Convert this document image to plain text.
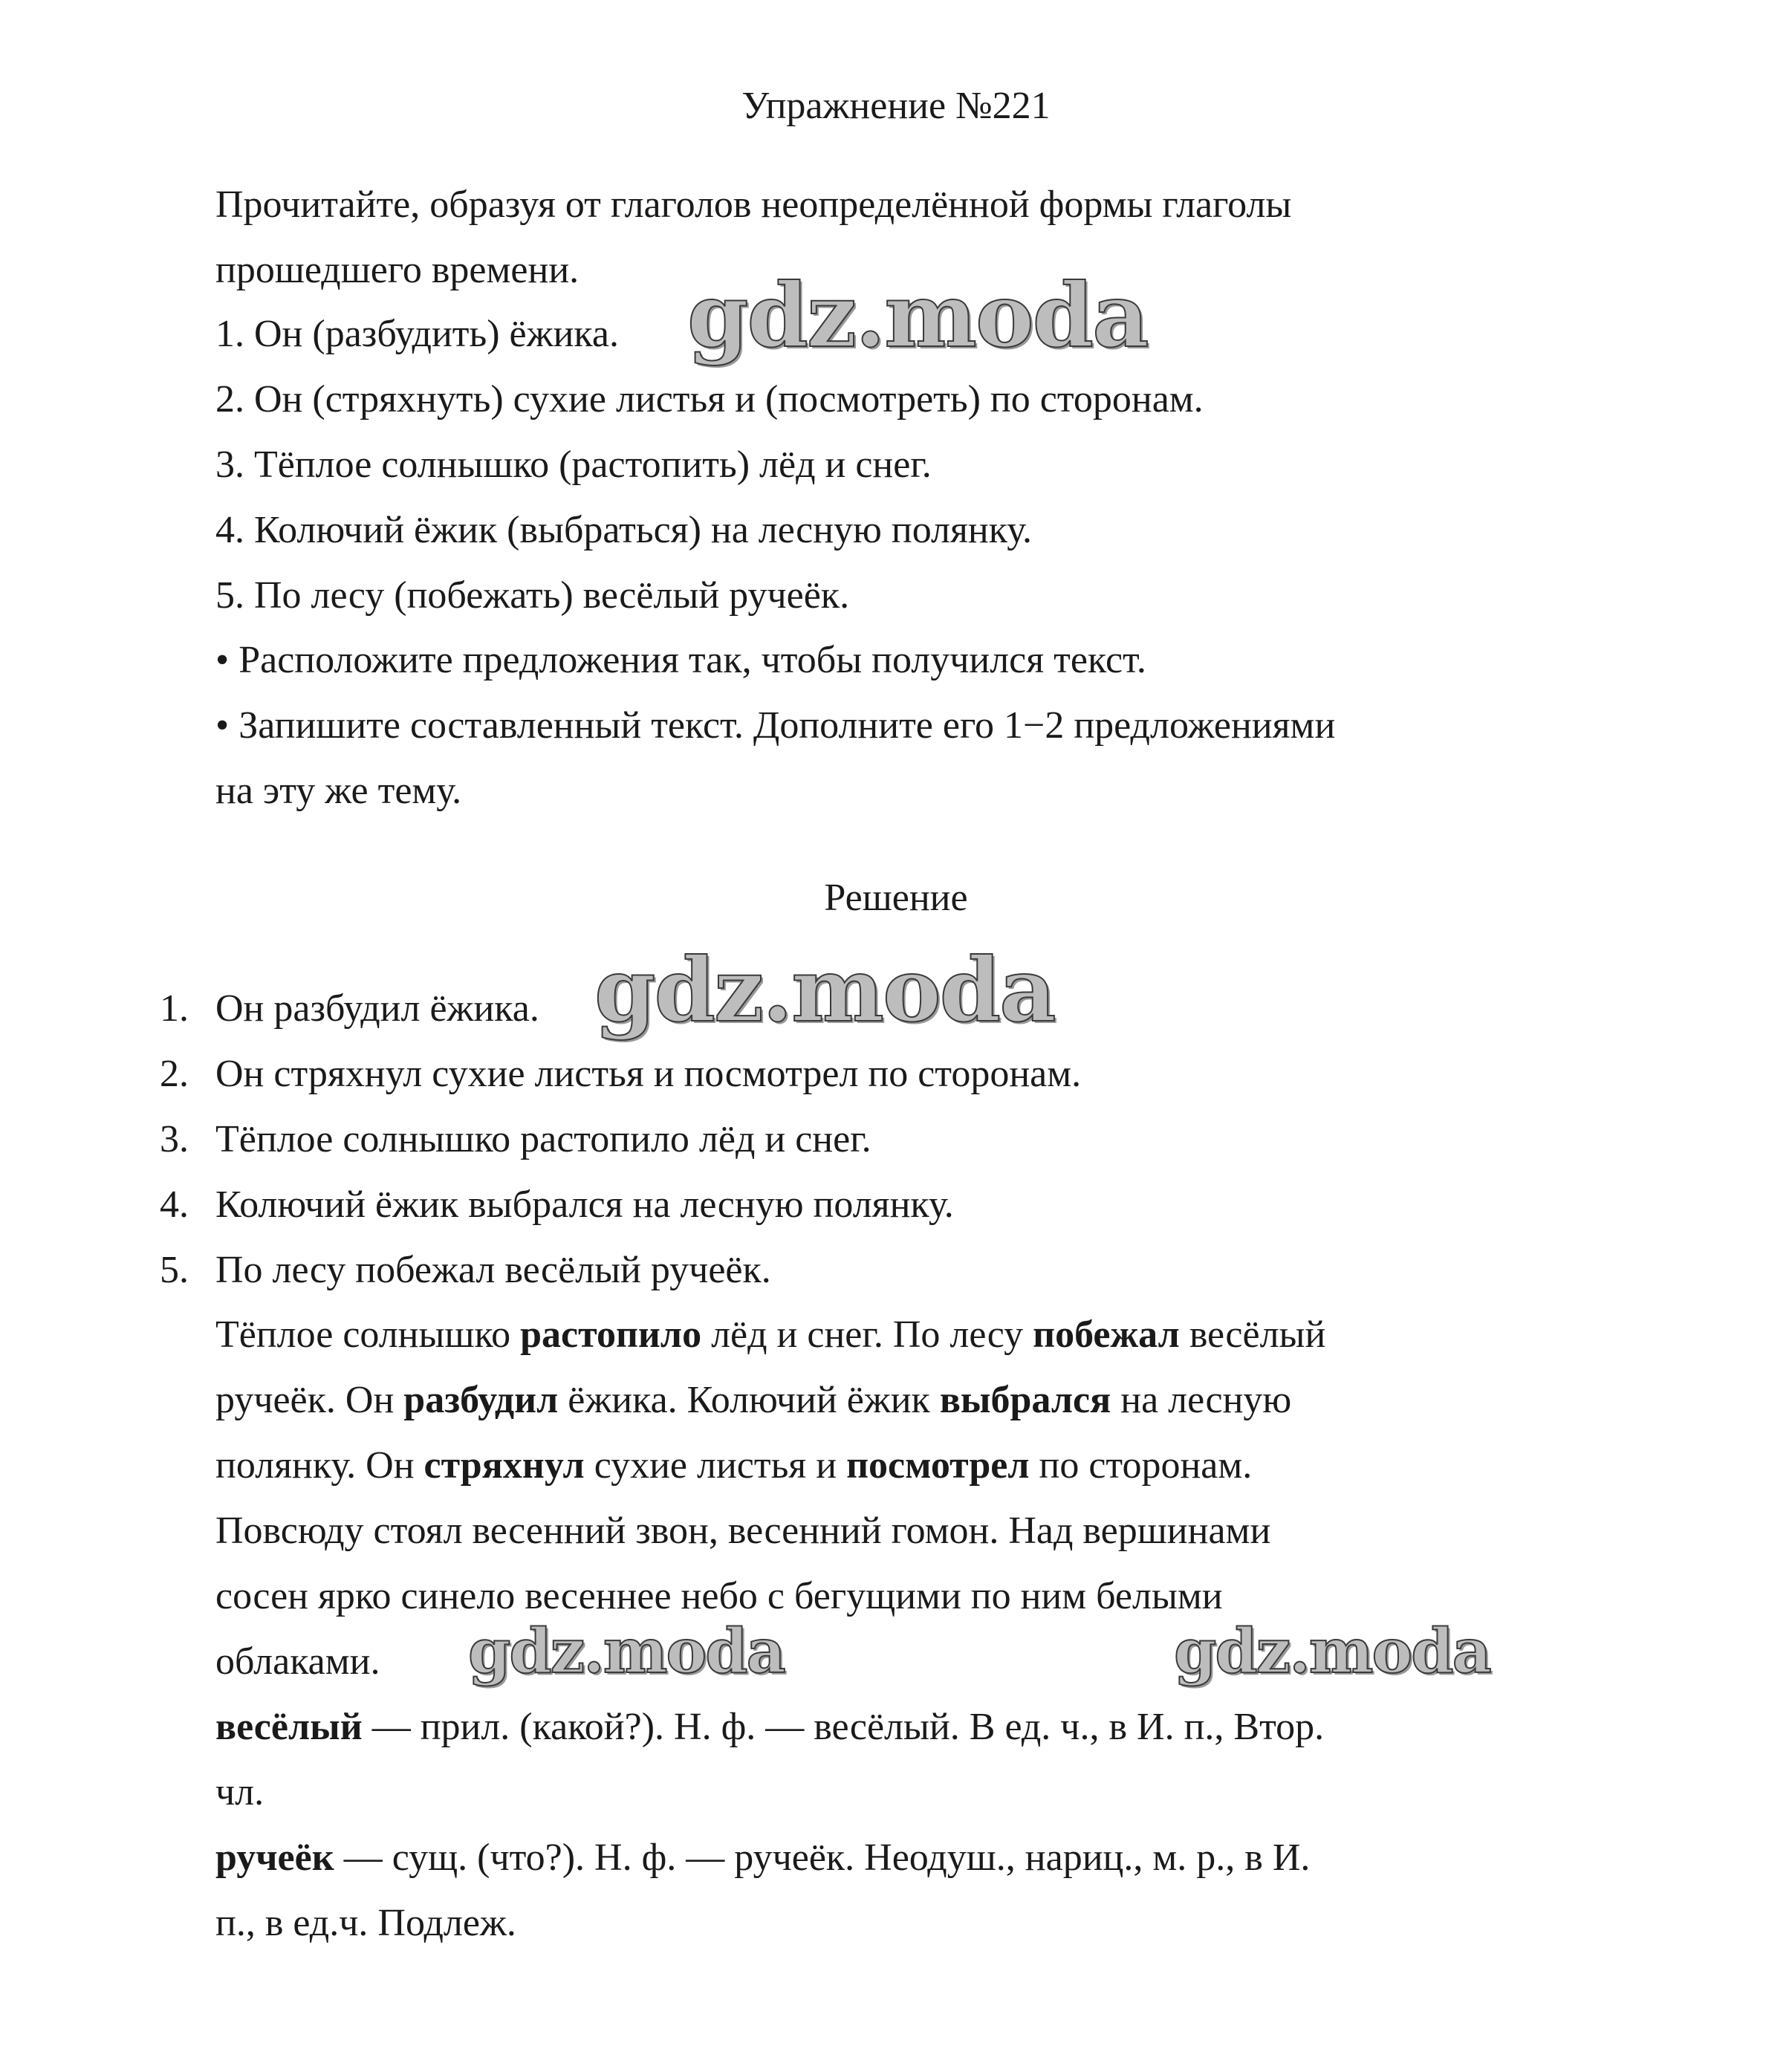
Упражнение №221
Прочитайте, образуя от глаголов неопределённой формы глаголы
прошедшего времени.
1. Он (разбудить) ёжика.
2. Он (стряхнуть) сухие листья и (посмотреть) по сторонам.
3. Тёплое солнышко (растопить) лёд и снег.
4. Колючий ёжик (выбраться) на лесную полянку.
5. По лесу (побежать) весёлый ручеёк.
• Расположите предложения так, чтобы получился текст.
• Запишите составленный текст. Дополните его 1−2 предложениями
на эту же тему.
Решение
1. Он разбудил ёжика.
2. Он стряхнул сухие листья и посмотрел по сторонам.
3. Тёплое солнышко растопило лёд и снег.
4. Колючий ёжик выбрался на лесную полянку.
5. По лесу побежал весёлый ручеёк.
Тёплое солнышко растопило лёд и снег. По лесу побежал весёлый
ручеёк. Он разбудил ёжика. Колючий ёжик выбрался на лесную
полянку. Он стряхнул сухие листья и посмотрел по сторонам.
Повсюду стоял весенний звон, весенний гомон. Над вершинами
сосен ярко синело весеннее небо с бегущими по ним белыми
облаками.
весёлый — прил. (какой?). Н. ф. — весёлый. В ед. ч., в И. п., Втор.
чл.
ручеёк — сущ. (что?). Н. ф. — ручеёк. Неодуш., нариц., м. р., в И.
п., в ед.ч. Подлеж.
gdz.moda
gdz.moda
gdz.moda	gdz.moda
